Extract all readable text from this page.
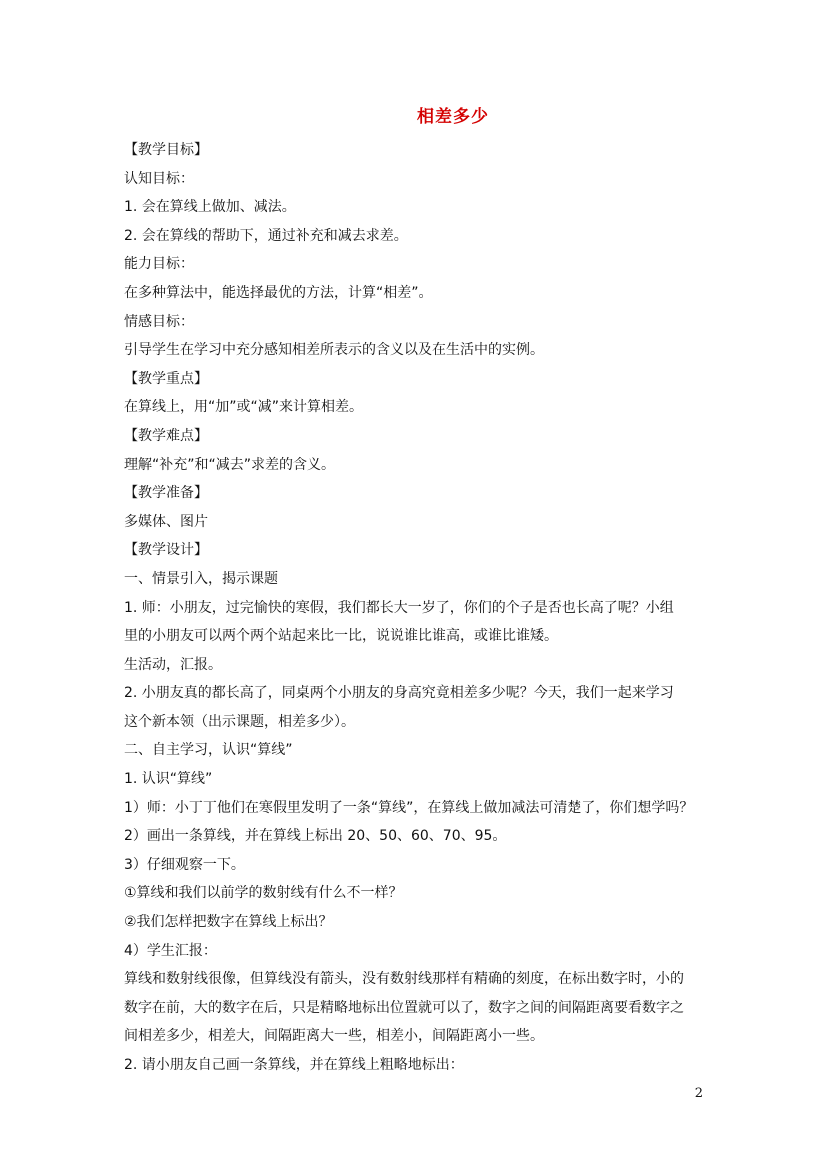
相差多少

【教学目标】

认知目标：

1. 会在算线上做加、减法。

2. 会在算线的帮助下，通过补充和减去求差。

能力目标：

在多种算法中，能选择最优的方法，计算“相差”。

情感目标：

引导学生在学习中充分感知相差所表示的含义以及在生活中的实例。

【教学重点】

在算线上，用“加”或“减”来计算相差。

【教学难点】

理解“补充”和“减去”求差的含义。

【教学准备】

多媒体、图片

【教学设计】

一、情景引入，揭示课题

1. 师：小朋友，过完愉快的寒假，我们都长大一岁了，你们的个子是否也长高了呢？小组

里的小朋友可以两个两个站起来比一比，说说谁比谁高，或谁比谁矮。

生活动，汇报。

2. 小朋友真的都长高了，同桌两个小朋友的身高究竟相差多少呢？今天，我们一起来学习

这个新本领（出示课题，相差多少）。

二、自主学习，认识“算线”

1. 认识“算线”

1）师：小丁丁他们在寒假里发明了一条“算线”，在算线上做加减法可清楚了，你们想学吗？

2）画出一条算线，并在算线上标出 20、50、60、70、95。

3）仔细观察一下。

①算线和我们以前学的数射线有什么不一样？

②我们怎样把数字在算线上标出？

4）学生汇报：

算线和数射线很像，但算线没有箭头，没有数射线那样有精确的刻度，在标出数字时，小的

数字在前，大的数字在后，只是精略地标出位置就可以了，数字之间的间隔距离要看数字之

间相差多少，相差大，间隔距离大一些，相差小，间隔距离小一些。

2. 请小朋友自己画一条算线，并在算线上粗略地标出：

2
